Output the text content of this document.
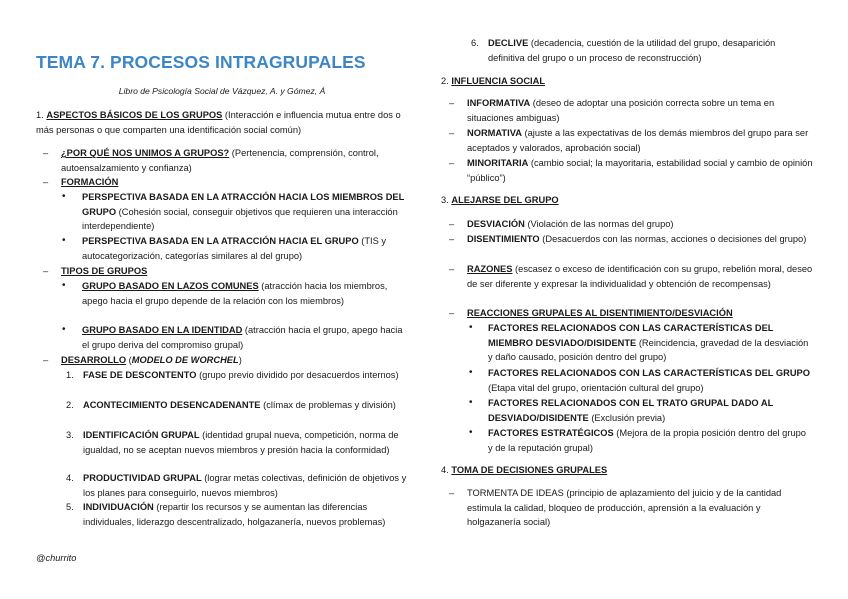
TEMA 7. PROCESOS INTRAGRUPALES
Libro de Psicología Social de Vázquez, A. y Gómez, Á
1. ASPECTOS BÁSICOS DE LOS GRUPOS (Interacción e influencia mutua entre dos o más personas o que comparten una identificación social común)
– ¿POR QUÉ NOS UNIMOS A GRUPOS? (Pertenencia, comprensión, control, autoensalzamiento y confianza)
– FORMACIÓN
• PERSPECTIVA BASADA EN LA ATRACCIÓN HACIA LOS MIEMBROS DEL GRUPO (Cohesión social, conseguir objetivos que requieren una interacción interdependiente)
• PERSPECTIVA BASADA EN LA ATRACCIÓN HACIA EL GRUPO (TIS y autocategorización, categorías similares al del grupo)
– TIPOS DE GRUPOS
• GRUPO BASADO EN LAZOS COMUNES (atracción hacia los miembros, apego hacia el grupo depende de la relación con los miembros)
• GRUPO BASADO EN LA IDENTIDAD (atracción hacia el grupo, apego hacia el grupo deriva del compromiso grupal)
– DESARROLLO (MODELO DE WORCHEL)
1. FASE DE DESCONTENTO (grupo previo dividido por desacuerdos internos)
2. ACONTECIMIENTO DESENCADENANTE (clímax de problemas y división)
3. IDENTIFICACIÓN GRUPAL (identidad grupal nueva, competición, norma de igualdad, no se aceptan nuevos miembros y presión hacia la conformidad)
4. PRODUCTIVIDAD GRUPAL (lograr metas colectivas, definición de objetivos y los planes para conseguirlo, nuevos miembros)
5. INDIVIDUACIÓN (repartir los recursos y se aumentan las diferencias individuales, liderazgo descentralizado, holgazanería, nuevos problemas)
@churrito
6. DECLIVE (decadencia, cuestión de la utilidad del grupo, desaparición definitiva del grupo o un proceso de reconstrucción)
2. INFLUENCIA SOCIAL
– INFORMATIVA (deseo de adoptar una posición correcta sobre un tema en situaciones ambiguas)
– NORMATIVA (ajuste a las expectativas de los demás miembros del grupo para ser aceptados y valorados, aprobación social)
– MINORITARIA (cambio social; la mayoritaria, estabilidad social y cambio de opinión “público”)
3. ALEJARSE DEL GRUPO
– DESVIACIÓN (Violación de las normas del grupo)
– DISENTIMIENTO (Desacuerdos con las normas, acciones o decisiones del grupo)
– RAZONES (escasez o exceso de identificación con su grupo, rebelión moral, deseo de ser diferente y expresar la individualidad y obtención de recompensas)
– REACCIONES GRUPALES AL DISENTIMIENTO/DESVIACIÓN
• FACTORES RELACIONADOS CON LAS CARACTERÍSTICAS DEL MIEMBRO DESVIADO/DISIDENTE (Reincidencia, gravedad de la desviación y daño causado, posición dentro del grupo)
• FACTORES RELACIONADOS CON LAS CARACTERÍSTICAS DEL GRUPO (Etapa vital del grupo, orientación cultural del grupo)
• FACTORES RELACIONADOS CON EL TRATO GRUPAL DADO AL DESVIADO/DISIDENTE (Exclusión previa)
• FACTORES ESTRATÉGICOS (Mejora de la propia posición dentro del grupo y de la reputación grupal)
4. TOMA DE DECISIONES GRUPALES
– TORMENTA DE IDEAS (principio de aplazamiento del juicio y de la cantidad estimula la calidad, bloqueo de producción, aprensión a la evaluación y holgazanería social)
